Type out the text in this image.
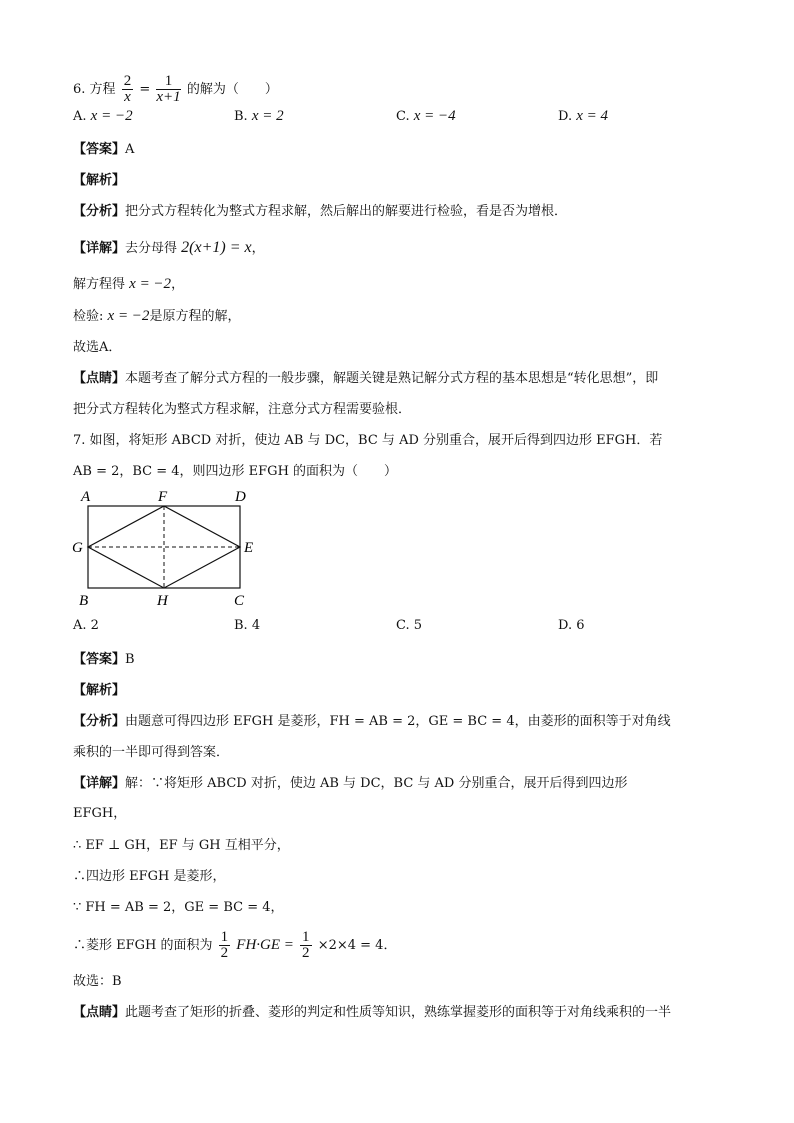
6. 方程 $\frac{2}{x} = \frac{1}{x+1}$ 的解为（　　）
A. x = −2	B. x = 2	C. x = −4	D. x = 4
【答案】A
【解析】
【分析】把分式方程转化为整式方程求解，然后解出的解要进行检验，看是否为增根．
【详解】去分母得 2(x+1) = x，
解方程得 x = −2，
检验: x = −2是原方程的解，
故选A．
【点睛】本题考查了解分式方程的一般步骤，解题关键是熟记解分式方程的基本思想是“转化思想”，即
把分式方程转化为整式方程求解，注意分式方程需要验根．
7. 如图，将矩形 ABCD 对折，使边 AB 与 DC，BC 与 AD 分别重合，展开后得到四边形 EFGH．若
AB = 2，BC = 4，则四边形 EFGH 的面积为（　　）
A	F	D
G	E
B	H	C
A. 2	B. 4	C. 5	D. 6
【答案】B
【解析】
【分析】由题意可得四边形 EFGH 是菱形，FH = AB = 2，GE = BC = 4，由菱形的面积等于对角线
乘积的一半即可得到答案．
【详解】解：∵将矩形 ABCD 对折，使边 AB 与 DC，BC 与 AD 分别重合，展开后得到四边形
EFGH，
∴ EF ⊥ GH，EF 与 GH 互相平分，
∴四边形 EFGH 是菱形，
∵ FH = AB = 2，GE = BC = 4，
∴菱形 EFGH 的面积为 $\frac{1}{2} FH\cdot GE = \frac{1}{2} \times 2\times 4 = 4$．
故选：B
【点睛】此题考查了矩形的折叠、菱形的判定和性质等知识，熟练掌握菱形的面积等于对角线乘积的一半
